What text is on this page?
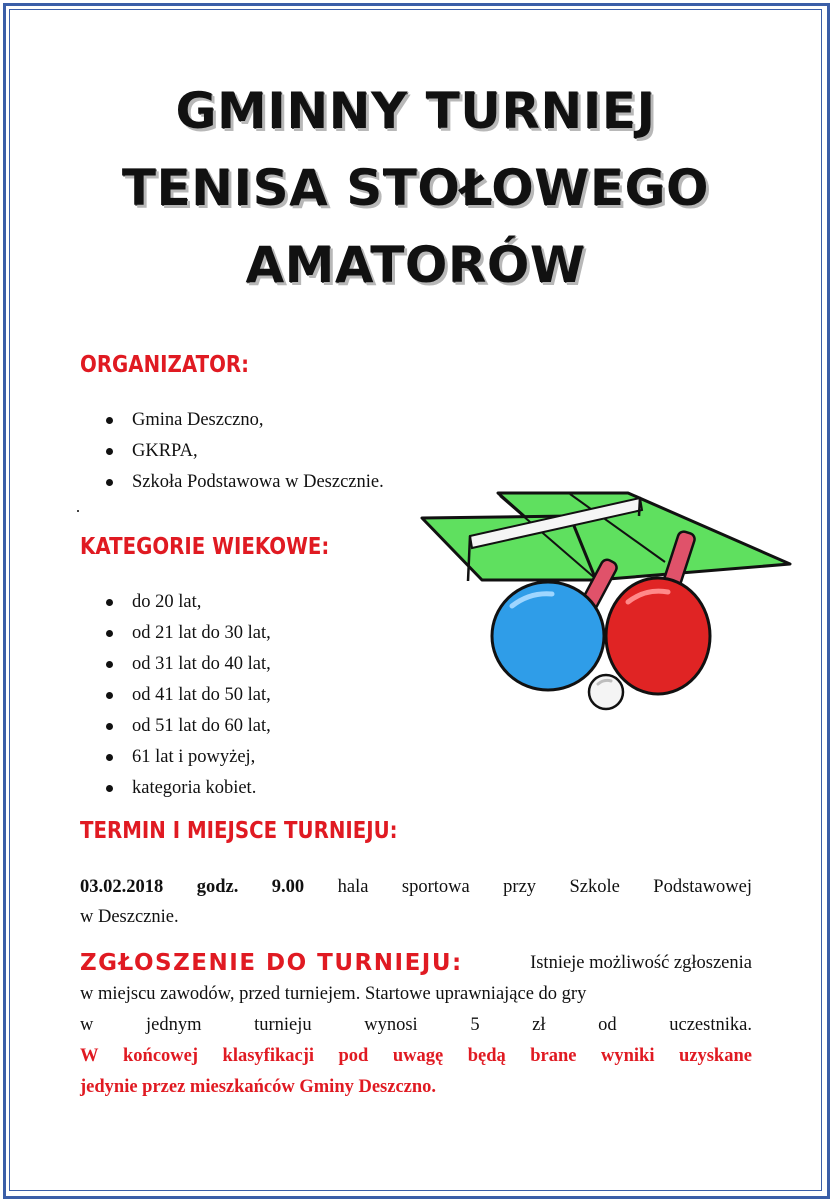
GMINNY TURNIEJ
TENISA STOŁOWEGO
AMATORÓW
ORGANIZATOR:
Gmina Deszczno,
GKRPA,
Szkoła Podstawowa w Deszcznie.
KATEGORIE WIEKOWE:
do 20 lat,
od 21 lat do 30 lat,
od 31 lat do 40 lat,
od 41 lat do 50 lat,
od 51 lat do 60 lat,
61 lat i powyżej,
kategoria kobiet.
TERMIN I MIEJSCE TURNIEJU:
03.02.2018 godz. 9.00 hala sportowa przy Szkole Podstawowej
w Deszcznie.
ZGŁOSZENIE DO TURNIEJU:	Istnieje możliwość zgłoszenia
w miejscu zawodów, przed turniejem. Startowe uprawniające do gry
w	jednym	turnieju	wynosi	5	zł	od	uczestnika.
W końcowej klasyfikacji pod uwagę będą brane wyniki uzyskane
jedynie przez mieszkańców Gminy Deszczno.
